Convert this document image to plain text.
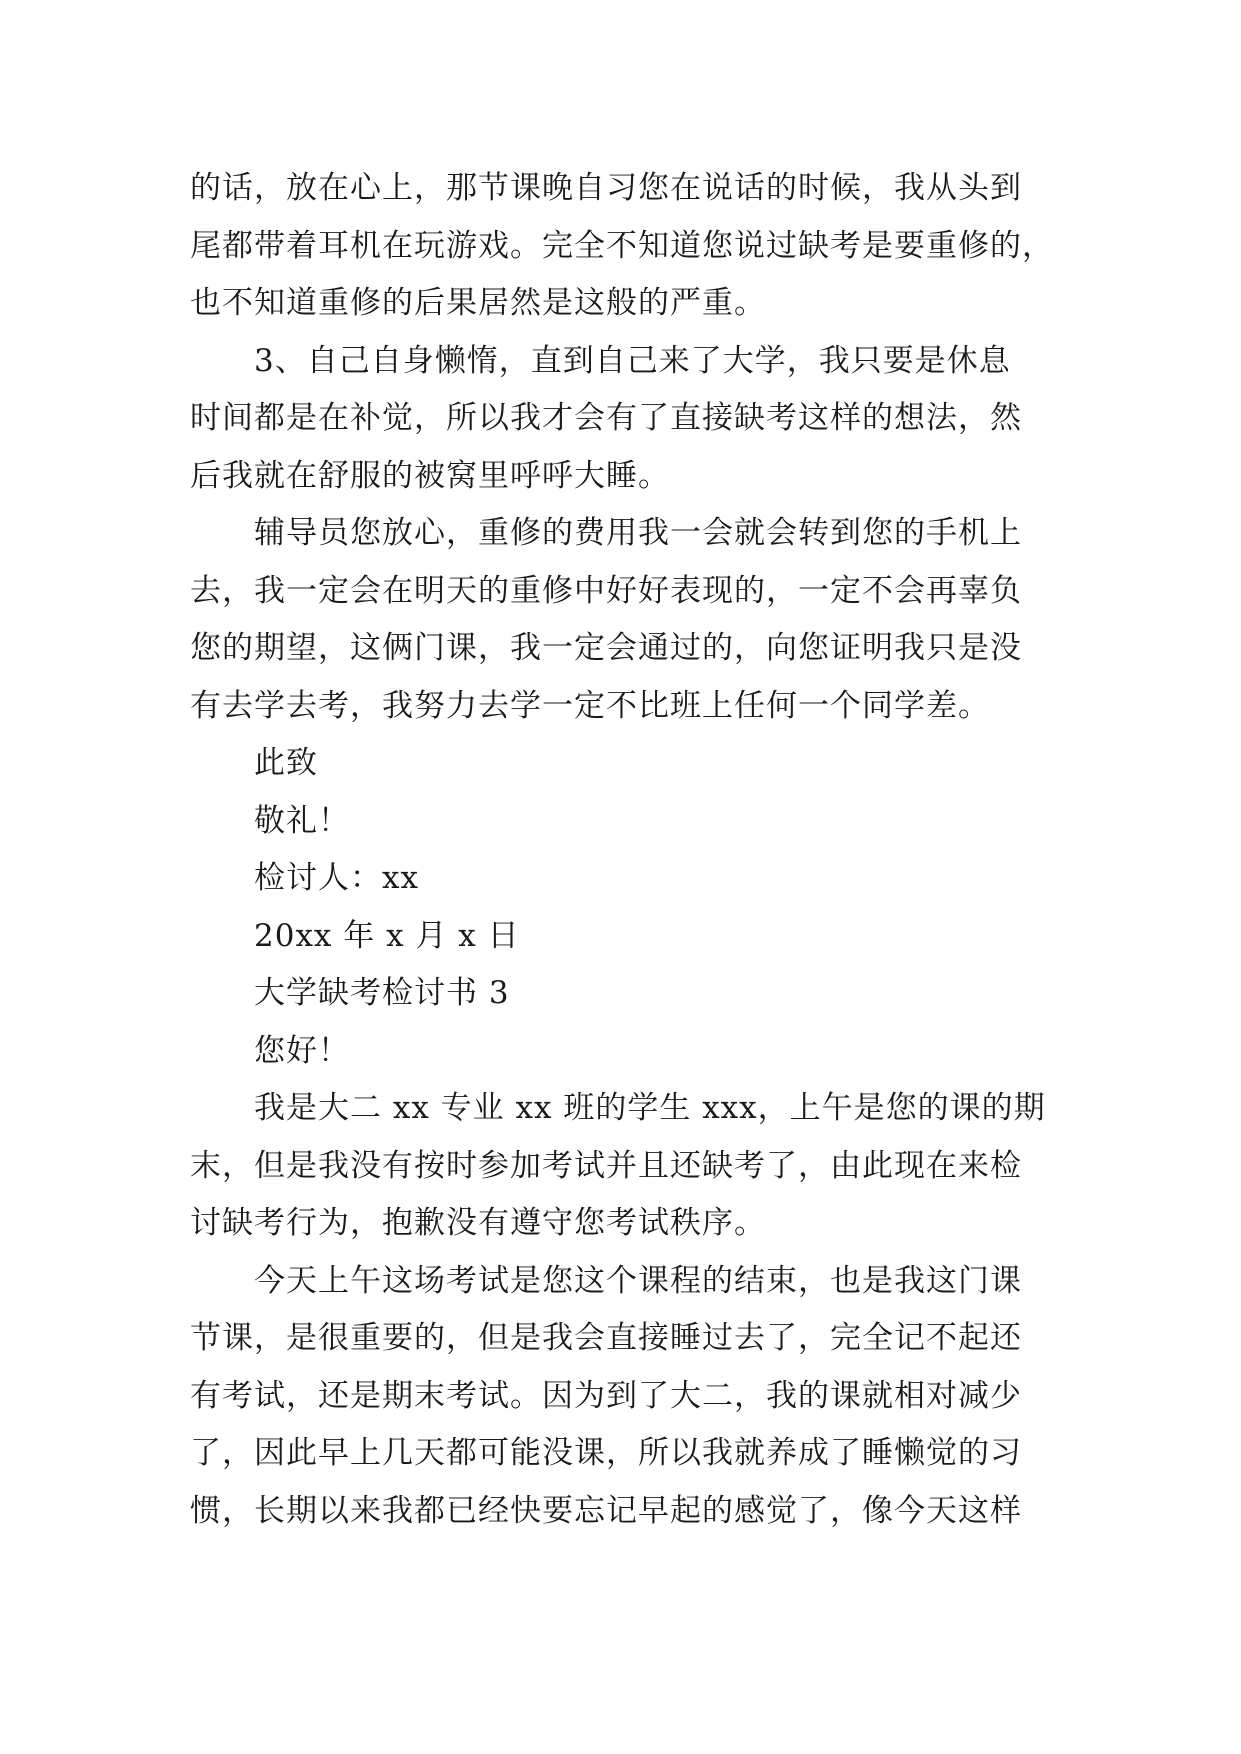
的话，放在心上，那节课晚自习您在说话的时候，我从头到
尾都带着耳机在玩游戏。完全不知道您说过缺考是要重修的，
也不知道重修的后果居然是这般的严重。
3、自己自身懒惰，直到自己来了大学，我只要是休息
时间都是在补觉，所以我才会有了直接缺考这样的想法，然
后我就在舒服的被窝里呼呼大睡。
辅导员您放心，重修的费用我一会就会转到您的手机上
去，我一定会在明天的重修中好好表现的，一定不会再辜负
您的期望，这俩门课，我一定会通过的，向您证明我只是没
有去学去考，我努力去学一定不比班上任何一个同学差。
此致
敬礼！
检讨人：xx
20xx 年 x 月 x 日
大学缺考检讨书 3
您好！
我是大二 xx 专业 xx 班的学生 xxx，上午是您的课的期
末，但是我没有按时参加考试并且还缺考了，由此现在来检
讨缺考行为，抱歉没有遵守您考试秩序。
今天上午这场考试是您这个课程的结束，也是我这门课
节课，是很重要的，但是我会直接睡过去了，完全记不起还
有考试，还是期末考试。因为到了大二，我的课就相对减少
了，因此早上几天都可能没课，所以我就养成了睡懒觉的习
惯，长期以来我都已经快要忘记早起的感觉了，像今天这样
